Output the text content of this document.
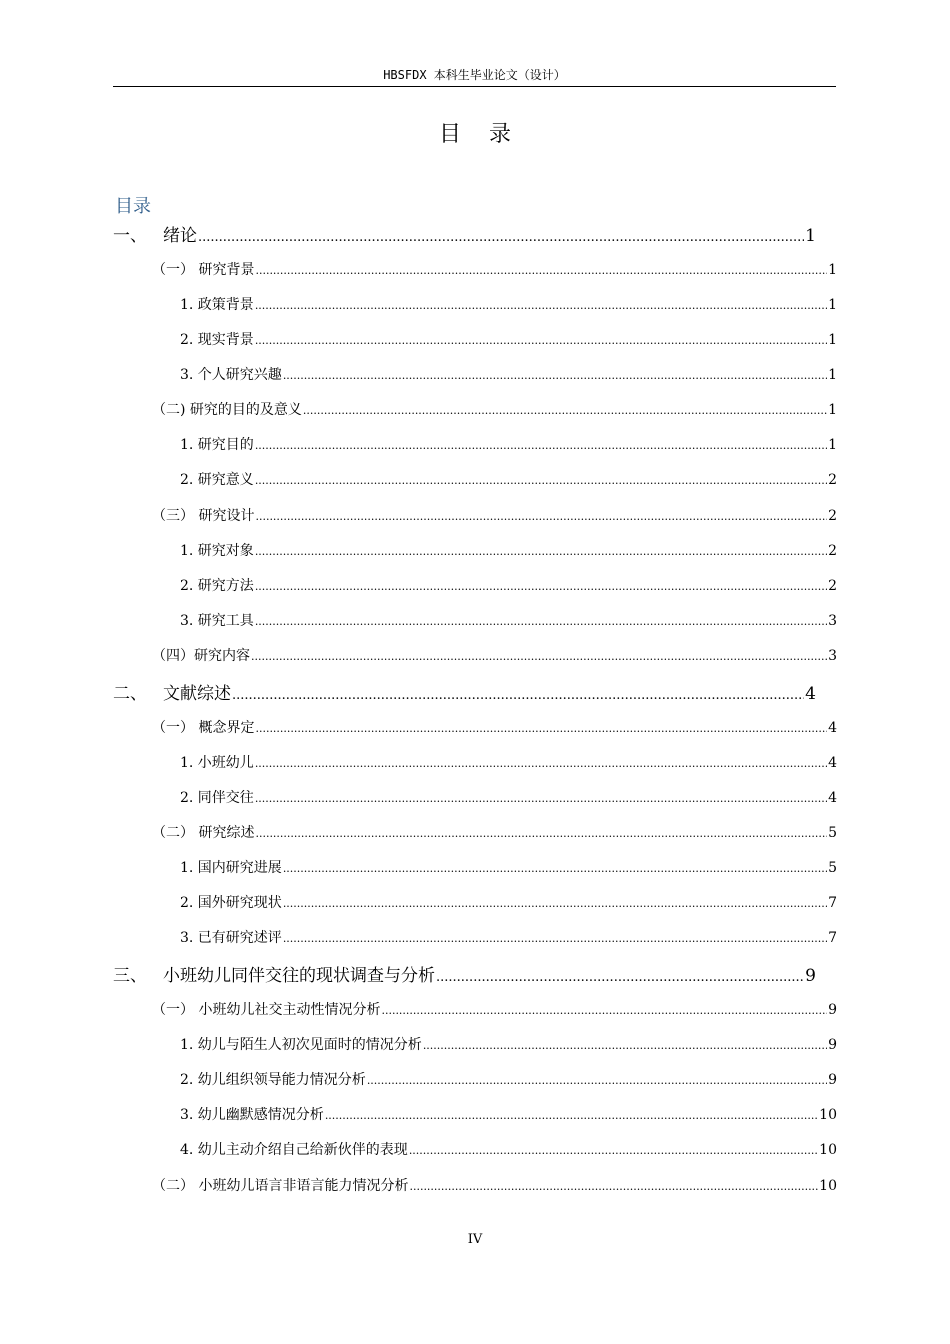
HBSFDX 本科生毕业论文（设计）
目录
目录
一、 绪论 .....	1
（一） 研究背景 .....	1
1. 政策背景 .....	1
2. 现实背景 .....	1
3. 个人研究兴趣 .....	1
（二) 研究的目的及意义 .....	1
1. 研究目的 .....	1
2. 研究意义 .....	2
（三） 研究设计 .....	2
1. 研究对象 .....	2
2. 研究方法 .....	2
3. 研究工具 .....	3
（四）研究内容 .....	3
二、 文献综述 .....	4
（一） 概念界定 .....	4
1. 小班幼儿 .....	4
2. 同伴交往 .....	4
（二） 研究综述 .....	5
1. 国内研究进展 .....	5
2. 国外研究现状 .....	7
3. 已有研究述评 .....	7
三、 小班幼儿同伴交往的现状调查与分析 .....	9
（一） 小班幼儿社交主动性情况分析 .....	9
1. 幼儿与陌生人初次见面时的情况分析 .....	9
2. 幼儿组织领导能力情况分析 .....	9
3. 幼儿幽默感情况分析 .....	10
4. 幼儿主动介绍自己给新伙伴的表现 .....	10
（二） 小班幼儿语言非语言能力情况分析 .....	10
IV
